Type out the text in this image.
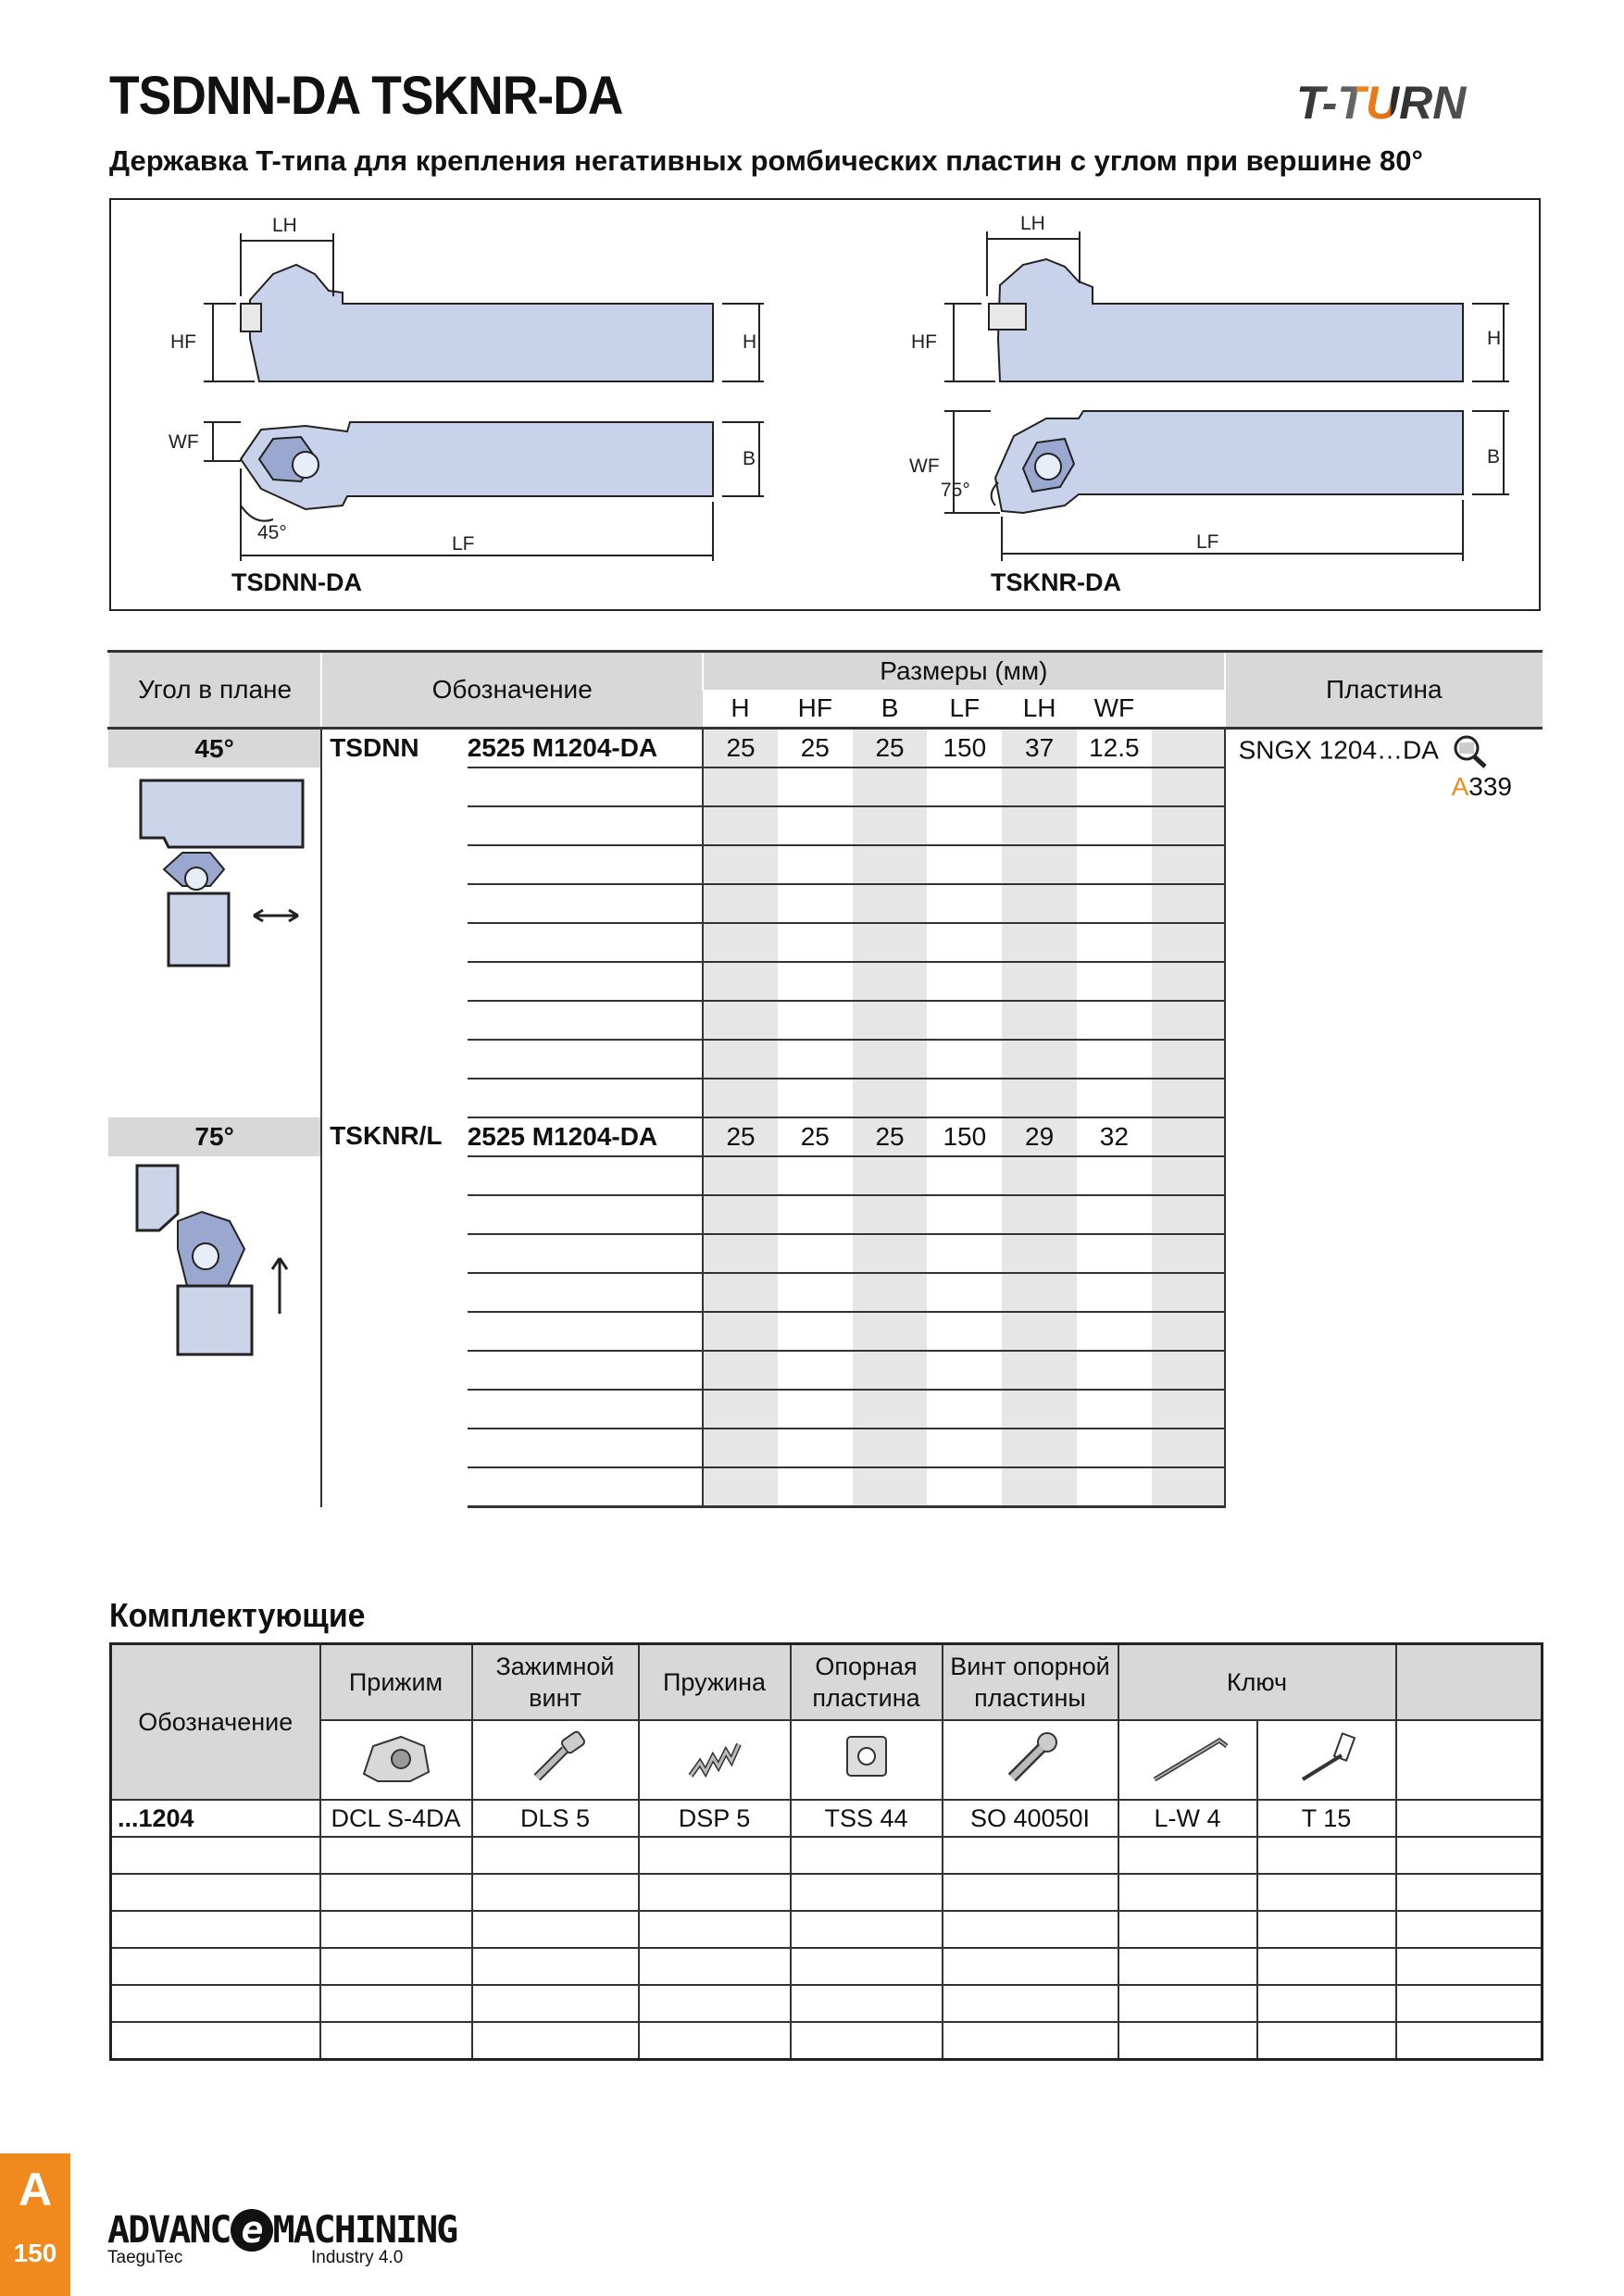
TSDNN-DA TSKNR-DA
Державка T-типа для крепления негативных ромбических пластин с углом при вершине 80°
T-TURN
LH
HF	H
WF
B
45°
LF
LH
HF	H
WF	B
75°
LF
TSDNN-DA	TSKNR-DA
Угол в плане	Обозначение		Размеры (мм)							Пластина
			H	HF	B	LF	LH	WF		
45°	TSDNN	2525 M1204-DA	25	25	25	150	37	12.5		SNGX 1204…DA
A339

75°	TSKNR/L	2525 M1204-DA	25	25	25	150	29	32		

Комплектующие
Обозначение	Прижим	Зажимной винт	Пружина	Опорная пластина	Винт опорной пластины	Ключ		

...1204	DCL S-4DA	DLS 5	DSP 5	TSS 44	SO 40050I	L-W 4	T 15	

A
150
ADVANC e MACHINING
TaeguTec	Industry 4.0
